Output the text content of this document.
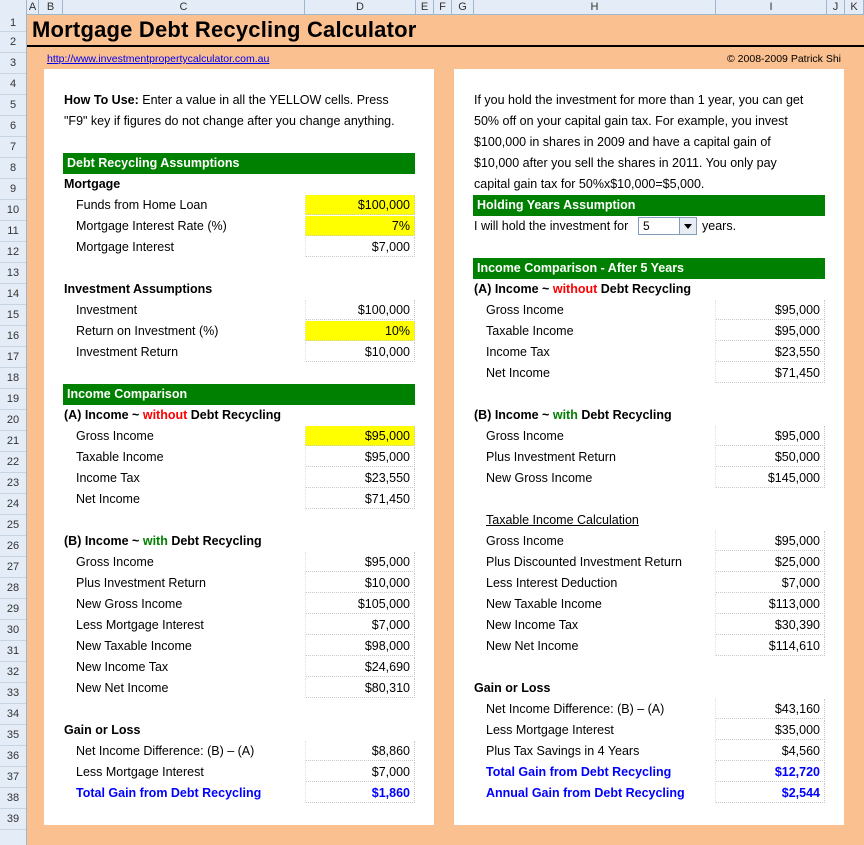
A B	C	D	E F	G	H	I	J	K
1
2
3
4
5
6
7
8
9
10
11
12
13
14
15
16
17
18
19
20
21
22
23
24
25
26
27
28
29
30
31
32
33
34
35
36
37
38
39
Mortgage Debt Recycling Calculator
http://www.investmentpropertycalculator.com.au	© 2008-2009 Patrick Shi
How To Use: Enter a value in all the YELLOW cells. Press
"F9" key if figures do not change after you change anything.
Debt Recycling Assumptions
Mortgage
Funds from Home Loan	$100,000
Mortgage Interest Rate (%)	7%
Mortgage Interest	$7,000
Investment Assumptions
Investment	$100,000
Return on Investment (%)	10%
Investment Return	$10,000
Income Comparison
(A) Income ~ without Debt Recycling
Gross Income	$95,000
Taxable Income	$95,000
Income Tax	$23,550
Net Income	$71,450
(B) Income ~ with Debt Recycling
Gross Income	$95,000
Plus Investment Return	$10,000
New Gross Income	$105,000
Less Mortgage Interest	$7,000
New Taxable Income	$98,000
New Income Tax	$24,690
New Net Income	$80,310
Gain or Loss
Net Income Difference: (B) – (A)	$8,860
Less Mortgage Interest	$7,000
Total Gain from Debt Recycling	$1,860
If you hold the investment for more than 1 year, you can get
50% off on your capital gain tax. For example, you invest
$100,000 in shares in 2009 and have a capital gain of
$10,000 after you sell the shares in 2011. You only pay
capital gain tax for 50%x$10,000=$5,000.
Holding Years Assumption
I will hold the investment for 5	years.
Income Comparison - After 5 Years
(A) Income ~ without Debt Recycling
Gross Income	$95,000
Taxable Income	$95,000
Income Tax	$23,550
Net Income	$71,450
(B) Income ~ with Debt Recycling
Gross Income	$95,000
Plus Investment Return	$50,000
New Gross Income	$145,000
Taxable Income Calculation
Gross Income	$95,000
Plus Discounted Investment Return	$25,000
Less Interest Deduction	$7,000
New Taxable Income	$113,000
New Income Tax	$30,390
New Net Income	$114,610
Gain or Loss
Net Income Difference: (B) – (A)	$43,160
Less Mortgage Interest	$35,000
Plus Tax Savings in 4 Years	$4,560
Total Gain from Debt Recycling	$12,720
Annual Gain from Debt Recycling	$2,544
